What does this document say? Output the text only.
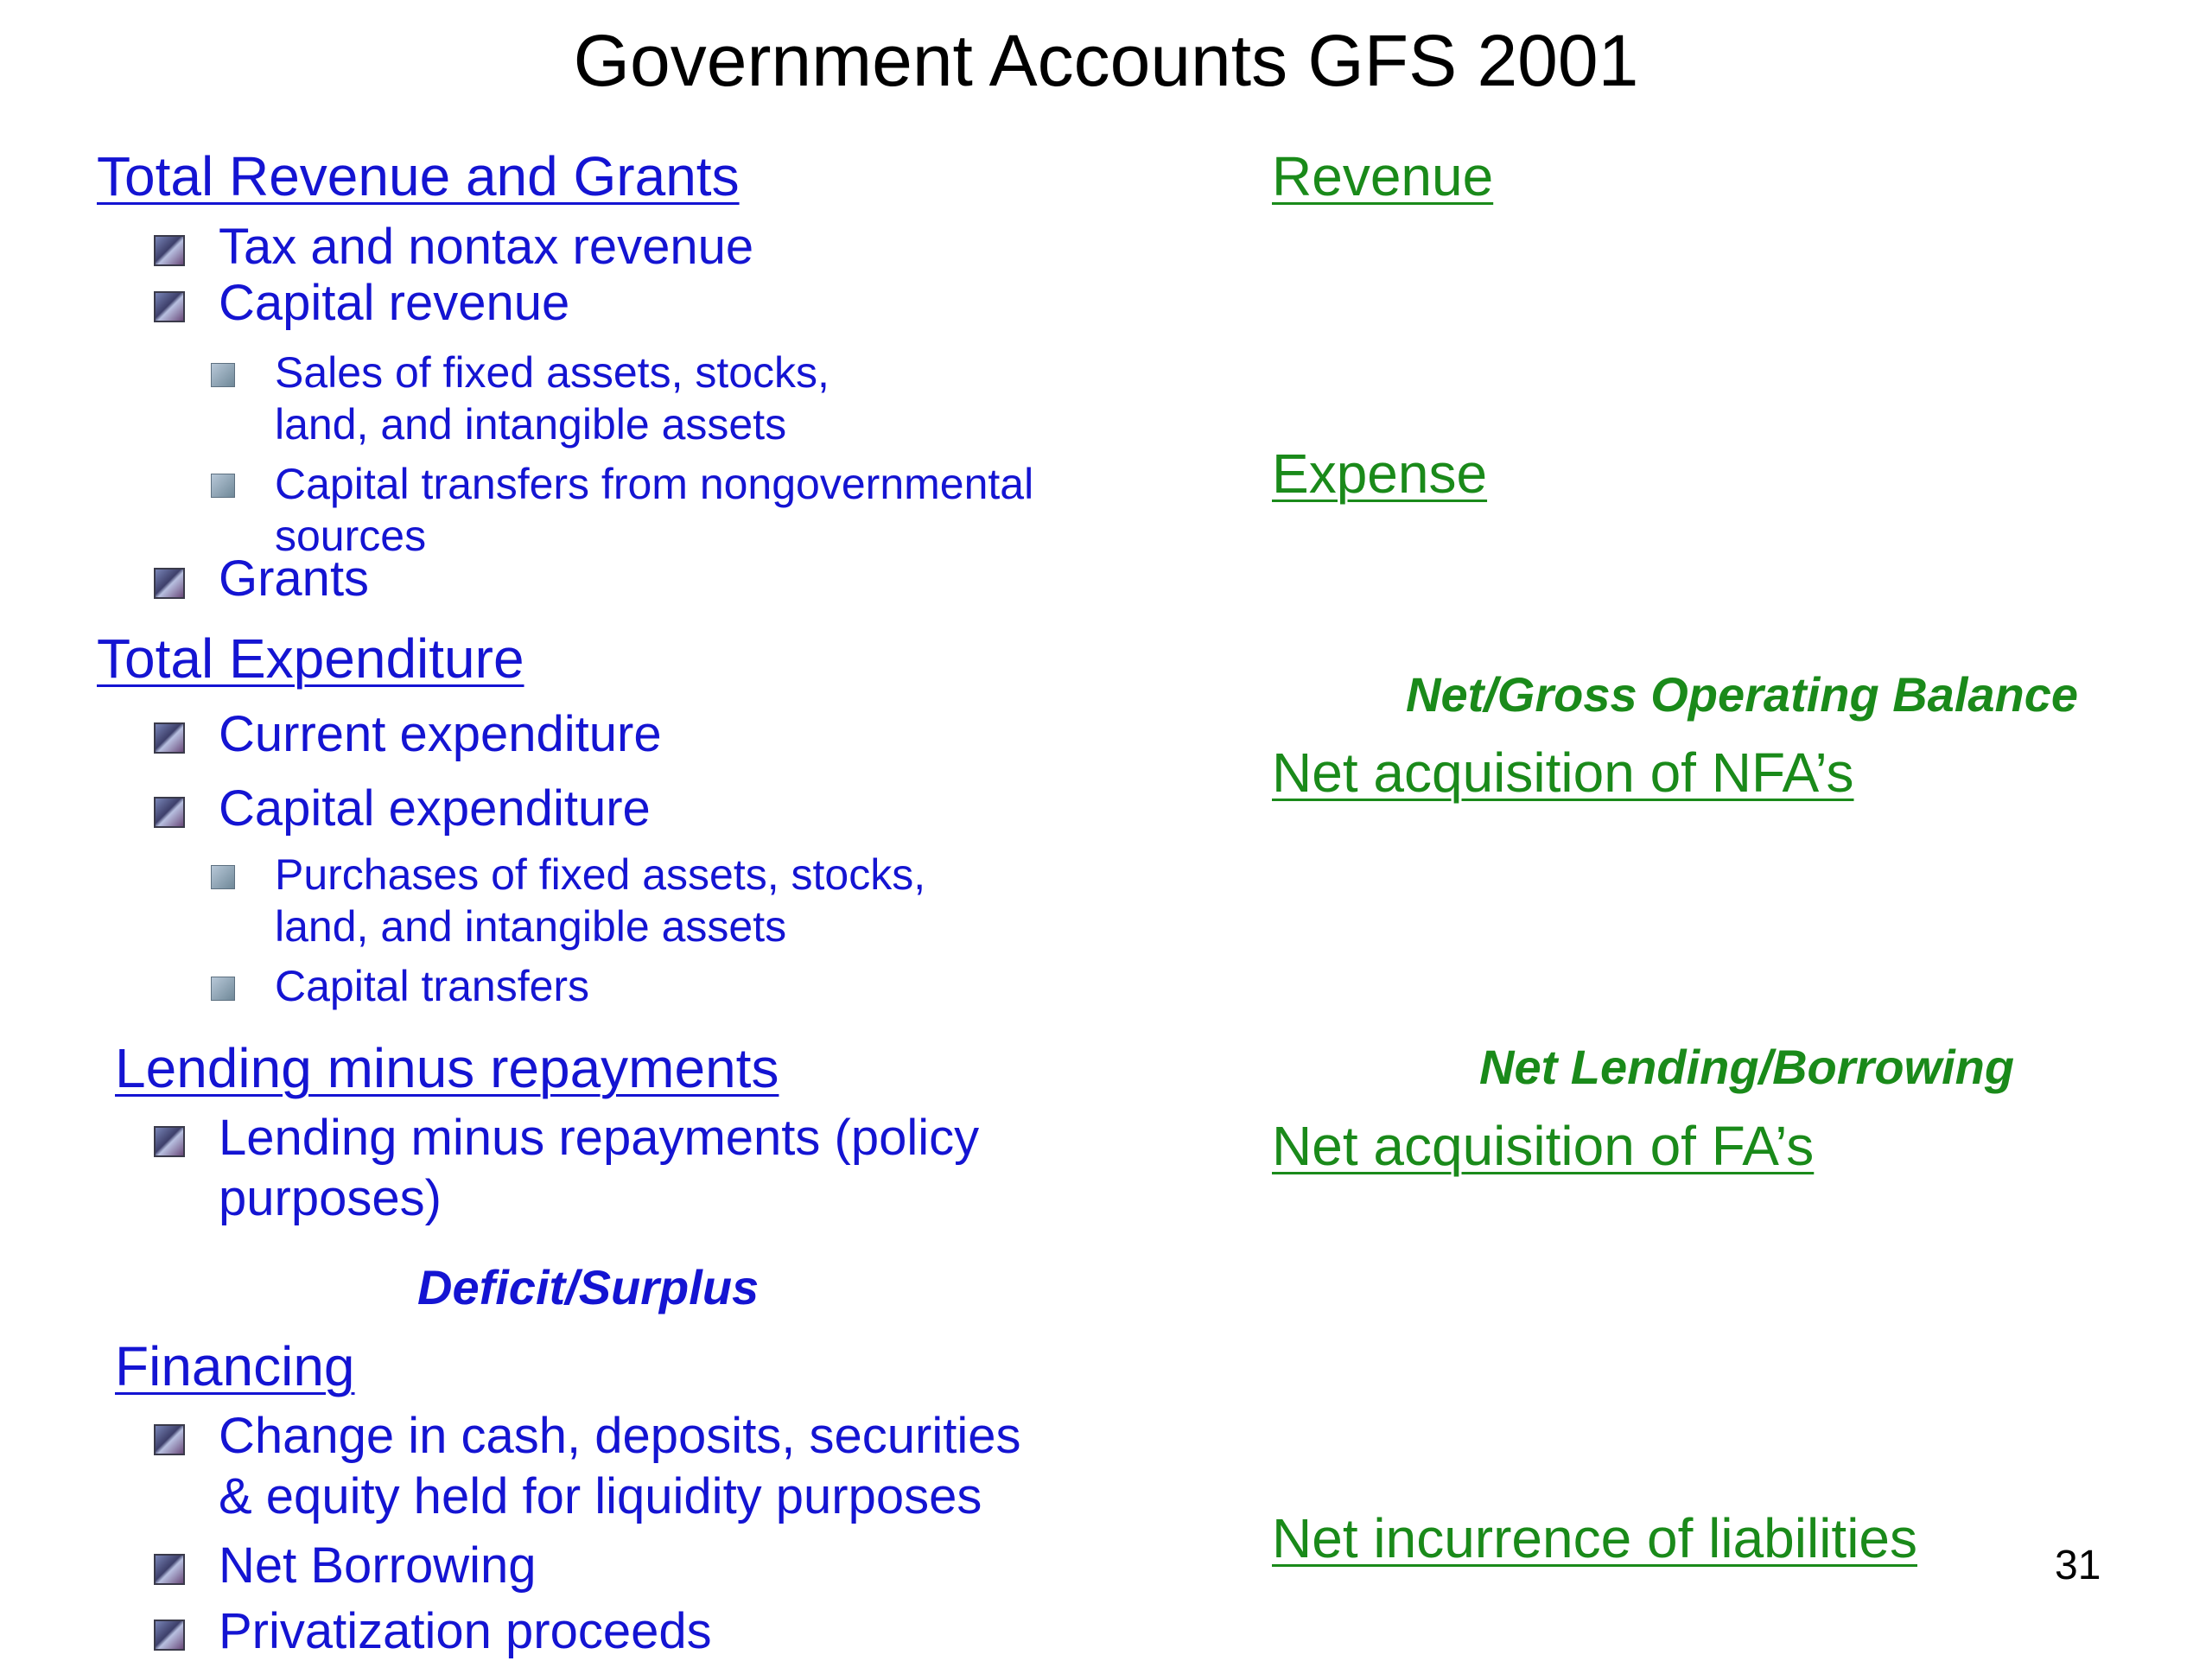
Government Accounts GFS 2001
Total Revenue and Grants
Tax and nontax revenue
Capital revenue
Sales of fixed assets, stocks,
land, and intangible assets
Capital transfers from nongovernmental
sources
Grants
Total Expenditure
Current expenditure
Capital expenditure
Purchases of fixed assets, stocks,
land, and intangible assets
Capital transfers
Lending minus repayments
Lending minus repayments (policy
purposes)
Deficit/Surplus
Financing
Change in cash, deposits, securities
& equity held for liquidity purposes
Net Borrowing
Privatization proceeds
Revenue
Expense
Net/Gross Operating Balance
Net acquisition of NFA’s
Net Lending/Borrowing
Net acquisition of FA’s
Net incurrence of liabilities	31
